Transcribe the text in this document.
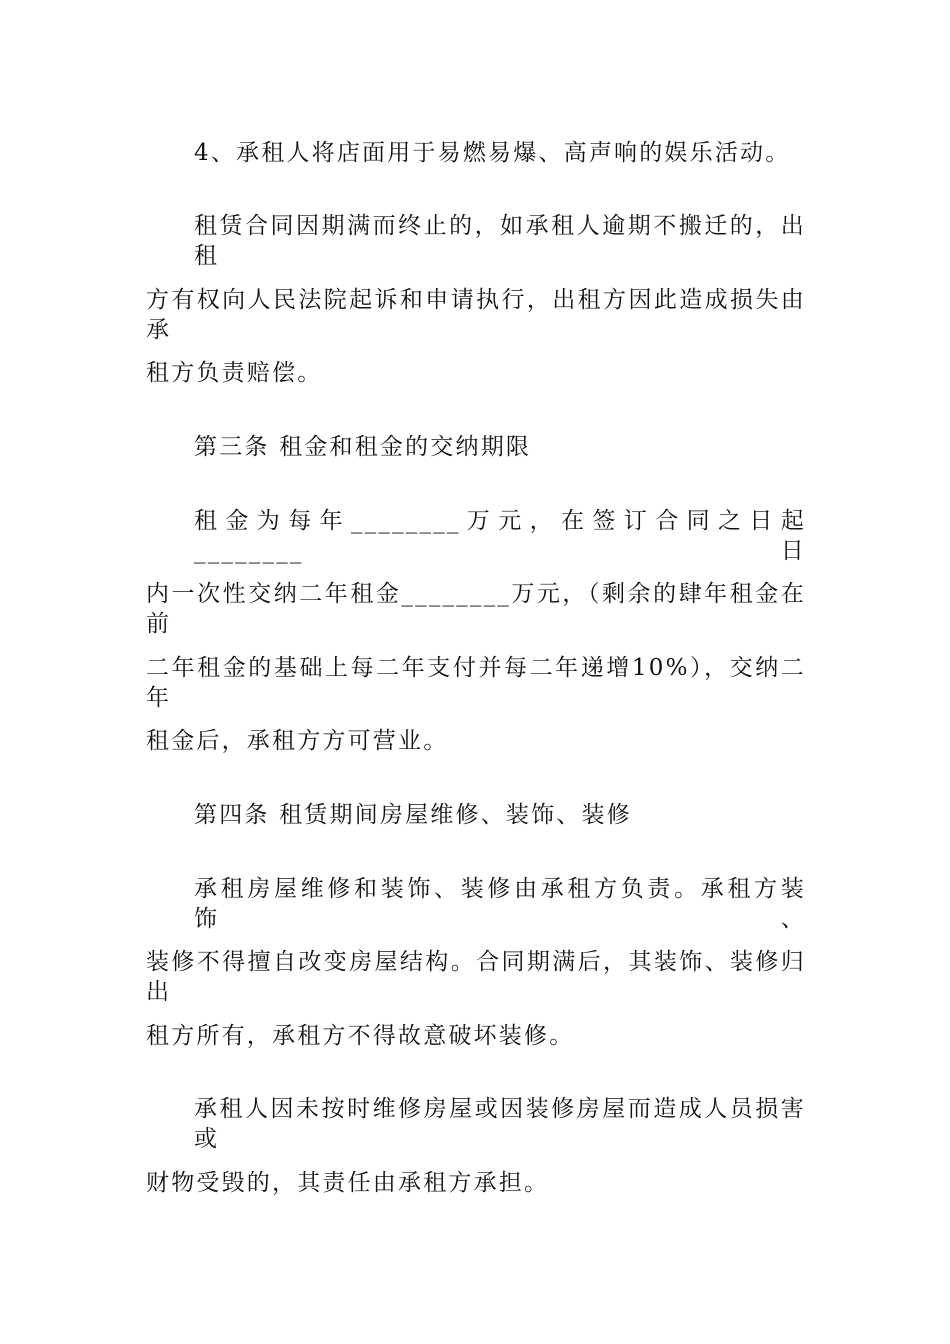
4、承租人将店面用于易燃易爆、高声响的娱乐活动。
租赁合同因期满而终止的，如承租人逾期不搬迁的，出租
方有权向人民法院起诉和申请执行，出租方因此造成损失由承
租方负责赔偿。
第三条 租金和租金的交纳期限
租金为每年________万元，在签订合同之日起________日
内一次性交纳二年租金________万元，（剩余的肆年租金在前
二年租金的基础上每二年支付并每二年递增10%），交纳二年
租金后，承租方方可营业。
第四条 租赁期间房屋维修、装饰、装修
承租房屋维修和装饰、装修由承租方负责。承租方装饰、
装修不得擅自改变房屋结构。合同期满后，其装饰、装修归出
租方所有，承租方不得故意破坏装修。
承租人因未按时维修房屋或因装修房屋而造成人员损害或
财物受毁的，其责任由承租方承担。
